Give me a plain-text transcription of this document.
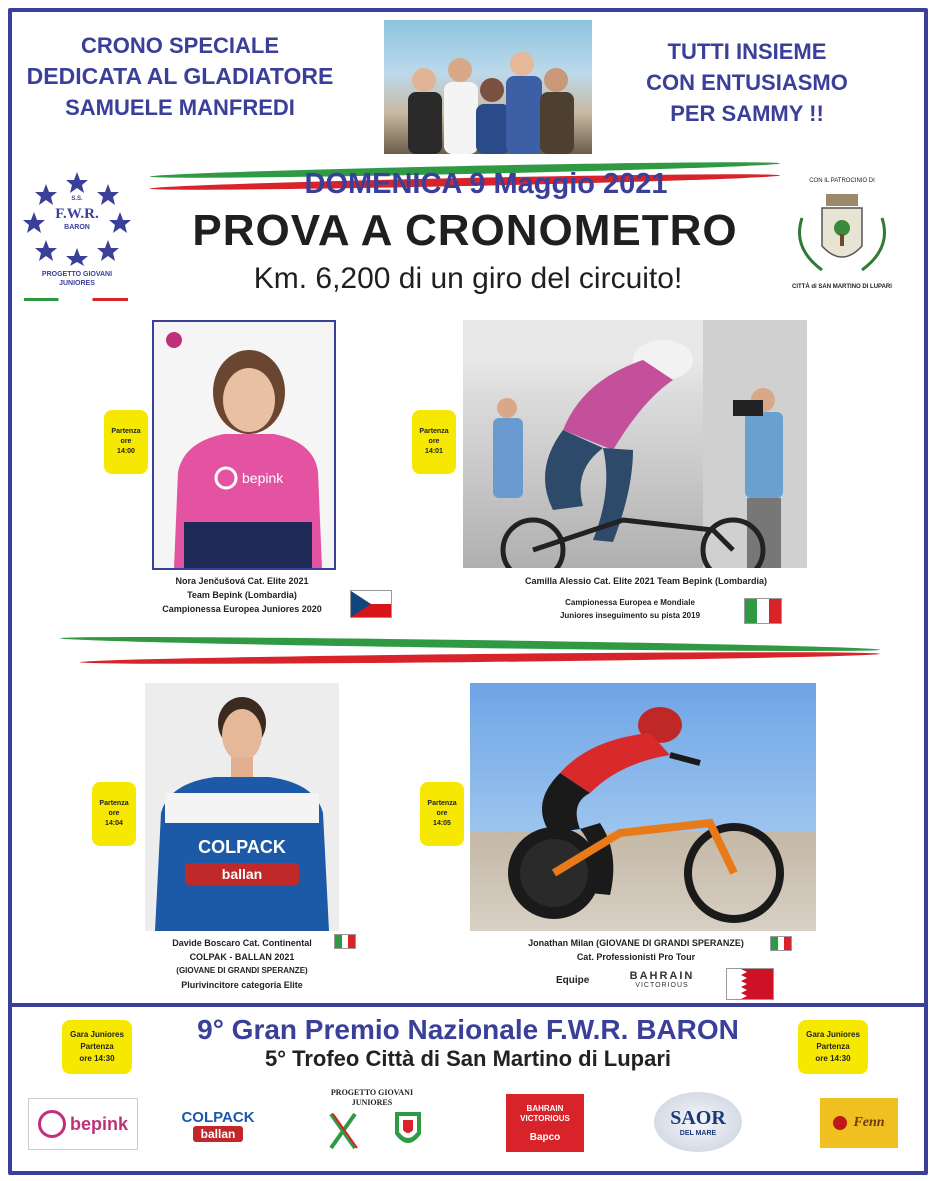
CRONO SPECIALE
DEDICATA AL GLADIATORE
SAMUELE MANFREDI
TUTTI INSIEME
CON ENTUSIASMO
PER SAMMY !!
DOMENICA 9 Maggio 2021
PROVA A CRONOMETRO
Km. 6,200 di un giro del circuito!
S.S.
F.W.R.
BARON
PROGETTO GIOVANI
JUNIORES
CON IL PATROCINIO DI
CITTÀ di SAN MARTINO DI LUPARI
Partenza
ore
14:00
bepink
Nora Jenčušová Cat. Elite 2021
Team Bepink (Lombardia)
Campionessa Europea Juniores 2020
Partenza
ore
14:01
Camilla Alessio Cat. Elite 2021 Team Bepink (Lombardia)
Campionessa Europea e Mondiale
Juniores inseguimento su pista 2019
Partenza
ore
14:04
COLPACK
ballan
Davide Boscaro Cat. Continental
COLPAK - BALLAN 2021
(GIOVANE DI GRANDI SPERANZE)
Plurivincitore categoria Elite
Partenza
ore
14:05
Jonathan Milan (GIOVANE DI GRANDI SPERANZE)
Cat. Professionisti Pro Tour
Equipe	BAHRAIN
VICTORIOUS
Gara Juniores
Partenza
ore 14:30
9° Gran Premio Nazionale F.W.R. BARON
5° Trofeo Città di San Martino di Lupari
Gara Juniores
Partenza
ore 14:30
bepink	COLPACK
ballan
PROGETTO GIOVANI
JUNIORES
BAHRAIN
VICTORIOUS
Bapco
SAOR
DEL MARE
Fenn
